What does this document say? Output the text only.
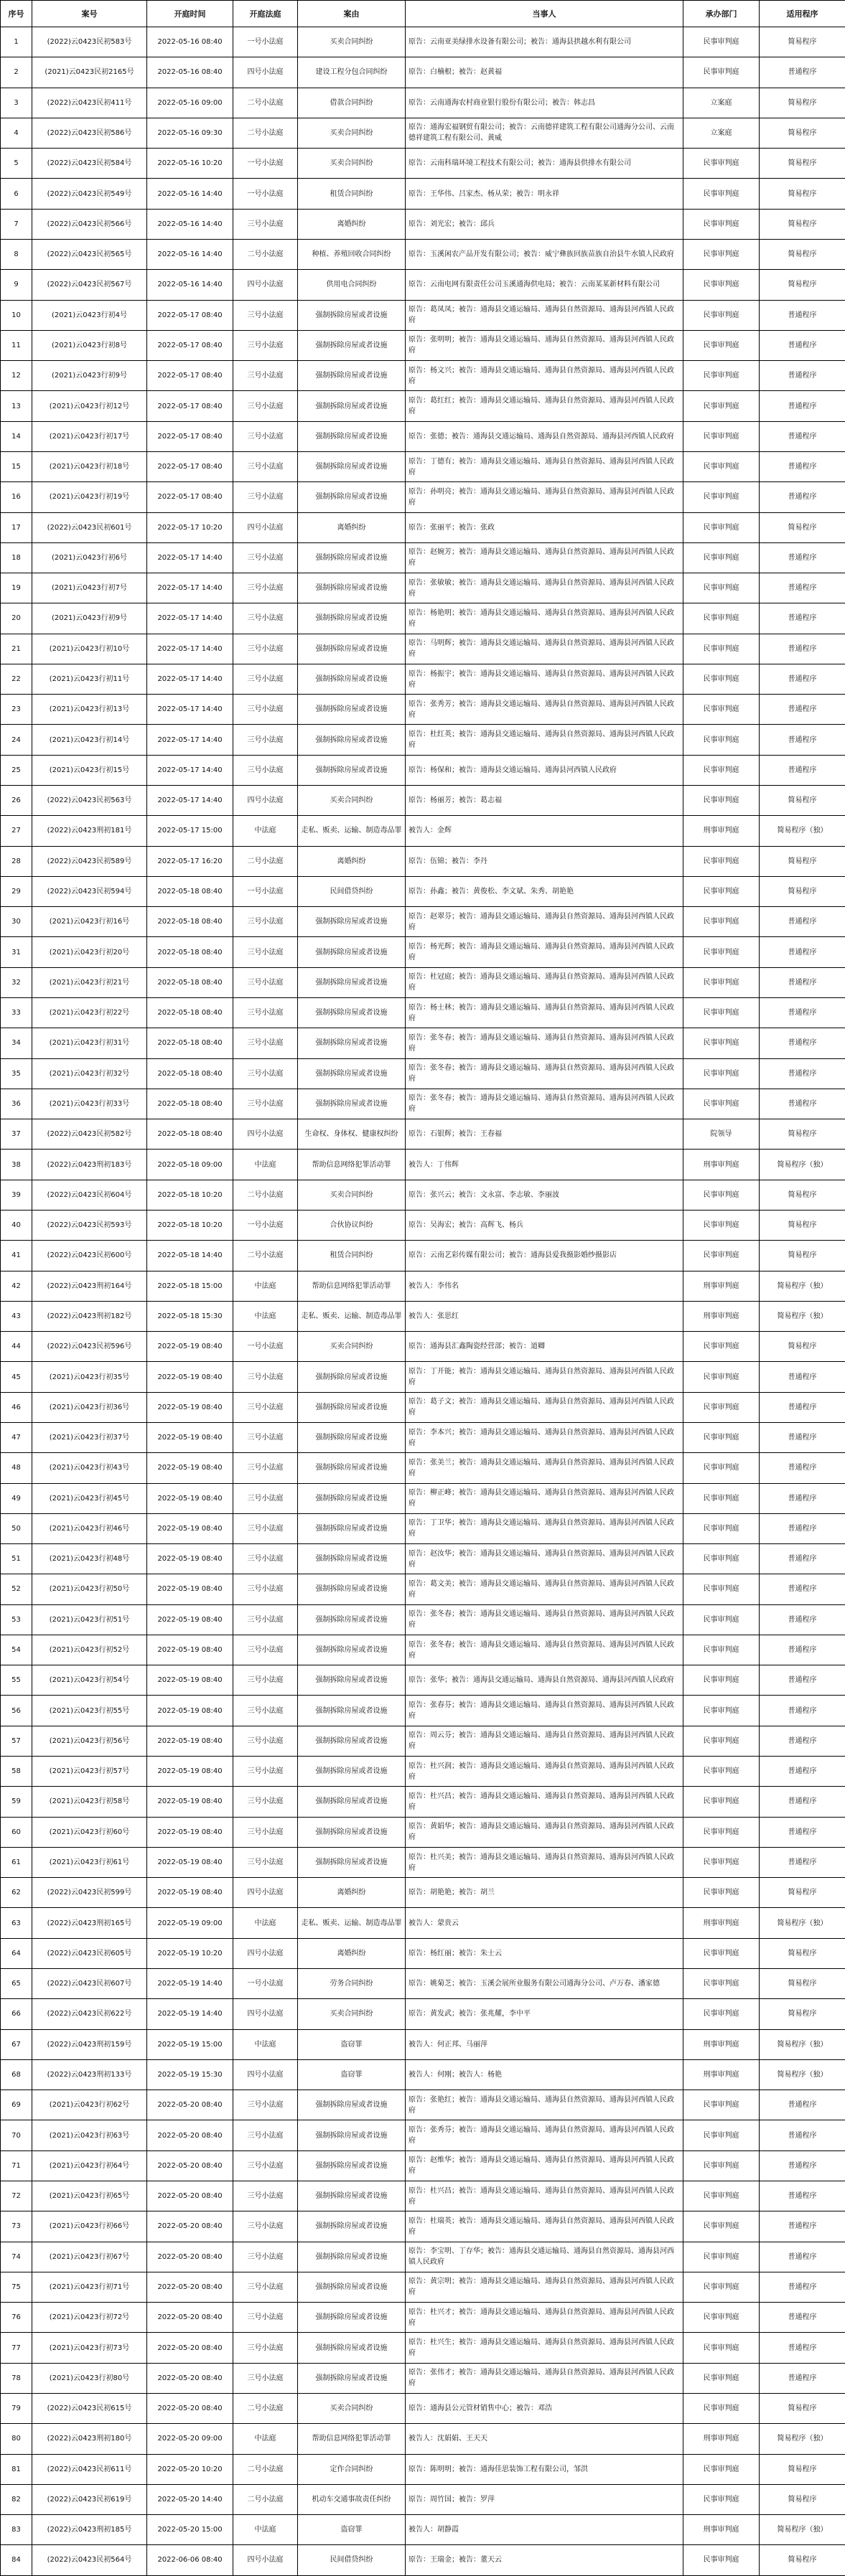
序号	案号	开庭时间	开庭法庭	案由	当事人	承办部门	适用程序
1	(2022)云0423民初583号	2022-05-16 08:40	一号小法庭	买卖合同纠纷	原告：云南亚美绿排水设备有限公司；被告：通海县拱越水利有限公司	民事审判庭	简易程序
2	(2021)云0423民初2165号	2022-05-16 08:40	四号小法庭	建设工程分包合同纠纷	原告：白楠根；被告：赵黄福	民事审判庭	普通程序
3	(2022)云0423民初411号	2022-05-16 09:00	二号小法庭	借款合同纠纷	原告：云南通海农村商业银行股份有限公司；被告：韩志昌	立案庭	简易程序
4	(2022)云0423民初586号	2022-05-16 09:30	二号小法庭	买卖合同纠纷	原告：通海宏福钢贸有限公司；被告：云南德祥建筑工程有限公司通海分公司、云南德祥建筑工程有限公司、黄威	立案庭	简易程序
5	(2022)云0423民初584号	2022-05-16 10:20	一号小法庭	买卖合同纠纷	原告：云南科瑞环境工程技术有限公司；被告：通海县供排水有限公司	民事审判庭	简易程序
6	(2022)云0423民初549号	2022-05-16 14:40	一号小法庭	租赁合同纠纷	原告：王华伟、吕家杰、杨从荣；被告：明永祥	民事审判庭	简易程序
7	(2022)云0423民初566号	2022-05-16 14:40	三号小法庭	离婚纠纷	原告：刘光宏；被告：邱兵	民事审判庭	简易程序
8	(2022)云0423民初565号	2022-05-16 14:40	二号小法庭	种植、养殖回收合同纠纷	原告：玉溪闲农产品开发有限公司；被告：威宁彝族回族苗族自治县牛水镇人民政府	民事审判庭	简易程序
9	(2022)云0423民初567号	2022-05-16 14:40	四号小法庭	供用电合同纠纷	原告：云南电网有限责任公司玉溪通海供电局；被告：云南某某新材料有限公司	民事审判庭	简易程序
10	(2021)云0423行初4号	2022-05-17 08:40	三号小法庭	强制拆除房屋或者设施	原告：葛凤凤；被告：通海县交通运输局、通海县自然资源局、通海县河西镇人民政府	民事审判庭	普通程序
11	(2021)云0423行初8号	2022-05-17 08:40	三号小法庭	强制拆除房屋或者设施	原告：张明明；被告：通海县交通运输局、通海县自然资源局、通海县河西镇人民政府	民事审判庭	普通程序
12	(2021)云0423行初9号	2022-05-17 08:40	三号小法庭	强制拆除房屋或者设施	原告：杨文兴；被告：通海县交通运输局、通海县自然资源局、通海县河西镇人民政府	民事审判庭	普通程序
13	(2021)云0423行初12号	2022-05-17 08:40	三号小法庭	强制拆除房屋或者设施	原告：葛红红；被告：通海县交通运输局、通海县自然资源局、通海县河西镇人民政府	民事审判庭	普通程序
14	(2021)云0423行初17号	2022-05-17 08:40	三号小法庭	强制拆除房屋或者设施	原告：张德；被告：通海县交通运输局、通海县自然资源局、通海县河西镇人民政府	民事审判庭	普通程序
15	(2021)云0423行初18号	2022-05-17 08:40	三号小法庭	强制拆除房屋或者设施	原告：丁德有；被告：通海县交通运输局、通海县自然资源局、通海县河西镇人民政府	民事审判庭	普通程序
16	(2021)云0423行初19号	2022-05-17 08:40	三号小法庭	强制拆除房屋或者设施	原告：孙明亮；被告：通海县交通运输局、通海县自然资源局、通海县河西镇人民政府	民事审判庭	普通程序
17	(2022)云0423民初601号	2022-05-17 10:20	四号小法庭	离婚纠纷	原告：张丽平；被告：张政	民事审判庭	简易程序
18	(2021)云0423行初6号	2022-05-17 14:40	三号小法庭	强制拆除房屋或者设施	原告：赵婉芳；被告：通海县交通运输局、通海县自然资源局、通海县河西镇人民政府	民事审判庭	普通程序
19	(2021)云0423行初7号	2022-05-17 14:40	三号小法庭	强制拆除房屋或者设施	原告：张敏敏；被告：通海县交通运输局、通海县自然资源局、通海县河西镇人民政府	民事审判庭	普通程序
20	(2021)云0423行初9号	2022-05-17 14:40	三号小法庭	强制拆除房屋或者设施	原告：杨艳明；被告：通海县交通运输局、通海县自然资源局、通海县河西镇人民政府	民事审判庭	普通程序
21	(2021)云0423行初10号	2022-05-17 14:40	三号小法庭	强制拆除房屋或者设施	原告：马明辉；被告：通海县交通运输局、通海县自然资源局、通海县河西镇人民政府	民事审判庭	普通程序
22	(2021)云0423行初11号	2022-05-17 14:40	三号小法庭	强制拆除房屋或者设施	原告：杨振宇；被告：通海县交通运输局、通海县自然资源局、通海县河西镇人民政府	民事审判庭	普通程序
23	(2021)云0423行初13号	2022-05-17 14:40	三号小法庭	强制拆除房屋或者设施	原告：张秀芳；被告：通海县交通运输局、通海县自然资源局、通海县河西镇人民政府	民事审判庭	普通程序
24	(2021)云0423行初14号	2022-05-17 14:40	三号小法庭	强制拆除房屋或者设施	原告：杜红英；被告：通海县交通运输局、通海县自然资源局、通海县河西镇人民政府	民事审判庭	普通程序
25	(2021)云0423行初15号	2022-05-17 14:40	三号小法庭	强制拆除房屋或者设施	原告：杨保和；被告：通海县交通运输局、通海县河西镇人民政府	民事审判庭	普通程序
26	(2022)云0423民初563号	2022-05-17 14:40	四号小法庭	买卖合同纠纷	原告：杨丽芳；被告：葛志福	民事审判庭	简易程序
27	(2022)云0423刑初181号	2022-05-17 15:00	中法庭	走私、贩卖、运输、制造毒品罪	被告人：金辉	刑事审判庭	简易程序（独）
28	(2022)云0423民初589号	2022-05-17 16:20	二号小法庭	离婚纠纷	原告：伍锦；被告：李丹	民事审判庭	简易程序
29	(2022)云0423民初594号	2022-05-18 08:40	一号小法庭	民间借贷纠纷	原告：孙鑫；被告：黄俊松、李文斌、朱秀、胡艳艳	民事审判庭	简易程序
30	(2021)云0423行初16号	2022-05-18 08:40	三号小法庭	强制拆除房屋或者设施	原告：赵翠芬；被告：通海县交通运输局、通海县自然资源局、通海县河西镇人民政府	民事审判庭	普通程序
31	(2021)云0423行初20号	2022-05-18 08:40	三号小法庭	强制拆除房屋或者设施	原告：杨光辉；被告：通海县交通运输局、通海县自然资源局、通海县河西镇人民政府	民事审判庭	普通程序
32	(2021)云0423行初21号	2022-05-18 08:40	三号小法庭	强制拆除房屋或者设施	原告：杜冠庭；被告：通海县交通运输局、通海县自然资源局、通海县河西镇人民政府	民事审判庭	普通程序
33	(2021)云0423行初22号	2022-05-18 08:40	三号小法庭	强制拆除房屋或者设施	原告：杨士林；被告：通海县交通运输局、通海县自然资源局、通海县河西镇人民政府	民事审判庭	普通程序
34	(2021)云0423行初31号	2022-05-18 08:40	三号小法庭	强制拆除房屋或者设施	原告：张冬春；被告：通海县交通运输局、通海县自然资源局、通海县河西镇人民政府	民事审判庭	普通程序
35	(2021)云0423行初32号	2022-05-18 08:40	三号小法庭	强制拆除房屋或者设施	原告：张冬春；被告：通海县交通运输局、通海县自然资源局、通海县河西镇人民政府	民事审判庭	普通程序
36	(2021)云0423行初33号	2022-05-18 08:40	三号小法庭	强制拆除房屋或者设施	原告：张冬春；被告：通海县交通运输局、通海县自然资源局、通海县河西镇人民政府	民事审判庭	普通程序
37	(2022)云0423民初582号	2022-05-18 08:40	四号小法庭	生命权、身体权、健康权纠纷	原告：石银辉；被告：王春福	院领导	简易程序
38	(2022)云0423刑初183号	2022-05-18 09:00	中法庭	帮助信息网络犯罪活动罪	被告人：丁伟辉	刑事审判庭	简易程序（独）
39	(2022)云0423民初604号	2022-05-18 10:20	二号小法庭	买卖合同纠纷	原告：张兴云；被告：文永富、李志敏、李丽波	民事审判庭	简易程序
40	(2022)云0423民初593号	2022-05-18 10:20	一号小法庭	合伙协议纠纷	原告：吴海宏；被告：高辉飞、杨兵	民事审判庭	简易程序
41	(2022)云0423民初600号	2022-05-18 14:40	二号小法庭	租赁合同纠纷	原告：云南艺彩传媒有限公司；被告：通海县爱我摄影婚纱摄影店	民事审判庭	简易程序
42	(2022)云0423刑初164号	2022-05-18 15:00	中法庭	帮助信息网络犯罪活动罪	被告人：李伟名	刑事审判庭	简易程序（独）
43	(2022)云0423刑初182号	2022-05-18 15:30	中法庭	走私、贩卖、运输、制造毒品罪	被告人：张思红	刑事审判庭	简易程序（独）
44	(2022)云0423民初596号	2022-05-19 08:40	一号小法庭	买卖合同纠纷	原告：通海县汇鑫陶瓷经营部；被告：道卿	民事审判庭	简易程序
45	(2021)云0423行初35号	2022-05-19 08:40	三号小法庭	强制拆除房屋或者设施	原告：丁开能；被告：通海县交通运输局、通海县自然资源局、通海县河西镇人民政府	民事审判庭	普通程序
46	(2021)云0423行初36号	2022-05-19 08:40	三号小法庭	强制拆除房屋或者设施	原告：葛子文；被告：通海县交通运输局、通海县自然资源局、通海县河西镇人民政府	民事审判庭	普通程序
47	(2021)云0423行初37号	2022-05-19 08:40	三号小法庭	强制拆除房屋或者设施	原告：李本兴；被告：通海县交通运输局、通海县自然资源局、通海县河西镇人民政府	民事审判庭	普通程序
48	(2021)云0423行初43号	2022-05-19 08:40	三号小法庭	强制拆除房屋或者设施	原告：张美兰；被告：通海县交通运输局、通海县自然资源局、通海县河西镇人民政府	民事审判庭	普通程序
49	(2021)云0423行初45号	2022-05-19 08:40	三号小法庭	强制拆除房屋或者设施	原告：柳正峰；被告：通海县交通运输局、通海县自然资源局、通海县河西镇人民政府	民事审判庭	普通程序
50	(2021)云0423行初46号	2022-05-19 08:40	三号小法庭	强制拆除房屋或者设施	原告：丁卫华；被告：通海县交通运输局、通海县自然资源局、通海县河西镇人民政府	民事审判庭	普通程序
51	(2021)云0423行初48号	2022-05-19 08:40	三号小法庭	强制拆除房屋或者设施	原告：赵汝华；被告：通海县交通运输局、通海县自然资源局、通海县河西镇人民政府	民事审判庭	普通程序
52	(2021)云0423行初50号	2022-05-19 08:40	三号小法庭	强制拆除房屋或者设施	原告：葛文美；被告：通海县交通运输局、通海县自然资源局、通海县河西镇人民政府	民事审判庭	普通程序
53	(2021)云0423行初51号	2022-05-19 08:40	三号小法庭	强制拆除房屋或者设施	原告：张冬春；被告：通海县交通运输局、通海县自然资源局、通海县河西镇人民政府	民事审判庭	普通程序
54	(2021)云0423行初52号	2022-05-19 08:40	三号小法庭	强制拆除房屋或者设施	原告：张冬春；被告：通海县交通运输局、通海县自然资源局、通海县河西镇人民政府	民事审判庭	普通程序
55	(2021)云0423行初54号	2022-05-19 08:40	三号小法庭	强制拆除房屋或者设施	原告：张华；被告：通海县交通运输局、通海县自然资源局、通海县河西镇人民政府	民事审判庭	普通程序
56	(2021)云0423行初55号	2022-05-19 08:40	三号小法庭	强制拆除房屋或者设施	原告：张春芬；被告：通海县交通运输局、通海县自然资源局、通海县河西镇人民政府	民事审判庭	普通程序
57	(2021)云0423行初56号	2022-05-19 08:40	三号小法庭	强制拆除房屋或者设施	原告：周云芬；被告：通海县交通运输局、通海县自然资源局、通海县河西镇人民政府	民事审判庭	普通程序
58	(2021)云0423行初57号	2022-05-19 08:40	三号小法庭	强制拆除房屋或者设施	原告：杜兴润；被告：通海县交通运输局、通海县自然资源局、通海县河西镇人民政府	民事审判庭	普通程序
59	(2021)云0423行初58号	2022-05-19 08:40	三号小法庭	强制拆除房屋或者设施	原告：杜兴昌；被告：通海县交通运输局、通海县自然资源局、通海县河西镇人民政府	民事审判庭	普通程序
60	(2021)云0423行初60号	2022-05-19 08:40	三号小法庭	强制拆除房屋或者设施	原告：黄娟华；被告：通海县交通运输局、通海县自然资源局、通海县河西镇人民政府	民事审判庭	普通程序
61	(2021)云0423行初61号	2022-05-19 08:40	三号小法庭	强制拆除房屋或者设施	原告：杜兴美；被告：通海县交通运输局、通海县自然资源局、通海县河西镇人民政府	民事审判庭	普通程序
62	(2022)云0423民初599号	2022-05-19 08:40	四号小法庭	离婚纠纷	原告：胡艳艳；被告：胡兰	民事审判庭	简易程序
63	(2022)云0423刑初165号	2022-05-19 09:00	中法庭	走私、贩卖、运输、制造毒品罪	被告人：蒙贵云	刑事审判庭	简易程序（独）
64	(2022)云0423民初605号	2022-05-19 10:20	四号小法庭	离婚纠纷	原告：杨红丽；被告：朱士云	民事审判庭	简易程序
65	(2022)云0423民初607号	2022-05-19 14:40	一号小法庭	劳务合同纠纷	原告：姚菊芝；被告：玉溪会展所业服务有限公司通海分公司、卢万春、潘家德	民事审判庭	简易程序
66	(2022)云0423民初622号	2022-05-19 14:40	四号小法庭	买卖合同纠纷	原告：黄发武；被告：张兆耀，李中平	民事审判庭	简易程序
67	(2022)云0423刑初159号	2022-05-19 15:00	中法庭	盗窃罪	被告人：何正邦、马丽萍	刑事审判庭	简易程序（独）
68	(2022)云0423刑初133号	2022-05-19 15:30	四号小法庭	盗窃罪	被告人：何刚；被告人：杨艳	刑事审判庭	简易程序（独）
69	(2021)云0423行初62号	2022-05-20 08:40	三号小法庭	强制拆除房屋或者设施	原告：张艳红；被告：通海县交通运输局、通海县自然资源局、通海县河西镇人民政府	民事审判庭	普通程序
70	(2021)云0423行初63号	2022-05-20 08:40	三号小法庭	强制拆除房屋或者设施	原告：张秀芬；被告：通海县交通运输局、通海县自然资源局、通海县河西镇人民政府	民事审判庭	普通程序
71	(2021)云0423行初64号	2022-05-20 08:40	三号小法庭	强制拆除房屋或者设施	原告：赵维华；被告：通海县交通运输局、通海县自然资源局、通海县河西镇人民政府	民事审判庭	普通程序
72	(2021)云0423行初65号	2022-05-20 08:40	三号小法庭	强制拆除房屋或者设施	原告：杜兴昌；被告：通海县交通运输局、通海县自然资源局、通海县河西镇人民政府	民事审判庭	普通程序
73	(2021)云0423行初66号	2022-05-20 08:40	三号小法庭	强制拆除房屋或者设施	原告：杜瑞英；被告：通海县交通运输局、通海县自然资源局、通海县河西镇人民政府	民事审判庭	普通程序
74	(2021)云0423行初67号	2022-05-20 08:40	三号小法庭	强制拆除房屋或者设施	原告：李宝明、丁存华；被告：通海县交通运输局、通海县自然资源局、通海县河西镇人民政府	民事审判庭	普通程序
75	(2021)云0423行初71号	2022-05-20 08:40	三号小法庭	强制拆除房屋或者设施	原告：黄宗明；被告：通海县交通运输局、通海县自然资源局、通海县河西镇人民政府	民事审判庭	普通程序
76	(2021)云0423行初72号	2022-05-20 08:40	三号小法庭	强制拆除房屋或者设施	原告：杜兴才；被告：通海县交通运输局、通海县自然资源局、通海县河西镇人民政府	民事审判庭	普通程序
77	(2021)云0423行初73号	2022-05-20 08:40	三号小法庭	强制拆除房屋或者设施	原告：杜兴生；被告：通海县交通运输局、通海县自然资源局、通海县河西镇人民政府	民事审判庭	普通程序
78	(2021)云0423行初80号	2022-05-20 08:40	三号小法庭	强制拆除房屋或者设施	原告：张伟才；被告：通海县交通运输局、通海县自然资源局、通海县河西镇人民政府	民事审判庭	普通程序
79	(2022)云0423民初615号	2022-05-20 08:40	二号小法庭	买卖合同纠纷	原告：通海县公元管材销售中心；被告：邓浩	民事审判庭	简易程序
80	(2022)云0423刑初180号	2022-05-20 09:00	中法庭	帮助信息网络犯罪活动罪	被告人：沈娟娟、王天天	刑事审判庭	简易程序（独）
81	(2022)云0423民初611号	2022-05-20 10:20	二号小法庭	定作合同纠纷	原告：陈明明；被告：通海佳思装饰工程有限公司，邹洪	民事审判庭	简易程序
82	(2022)云0423民初619号	2022-05-20 14:40	二号小法庭	机动车交通事故责任纠纷	原告：周竹国；被告：罗萍	民事审判庭	简易程序
83	(2022)云0423刑初185号	2022-05-20 15:00	中法庭	盗窃罪	被告人：胡静霞	刑事审判庭	简易程序（独）
84	(2022)云0423民初564号	2022-06-06 08:40	四号小法庭	民间借贷纠纷	原告：王瑞金；被告：董天云	民事审判庭	简易程序
